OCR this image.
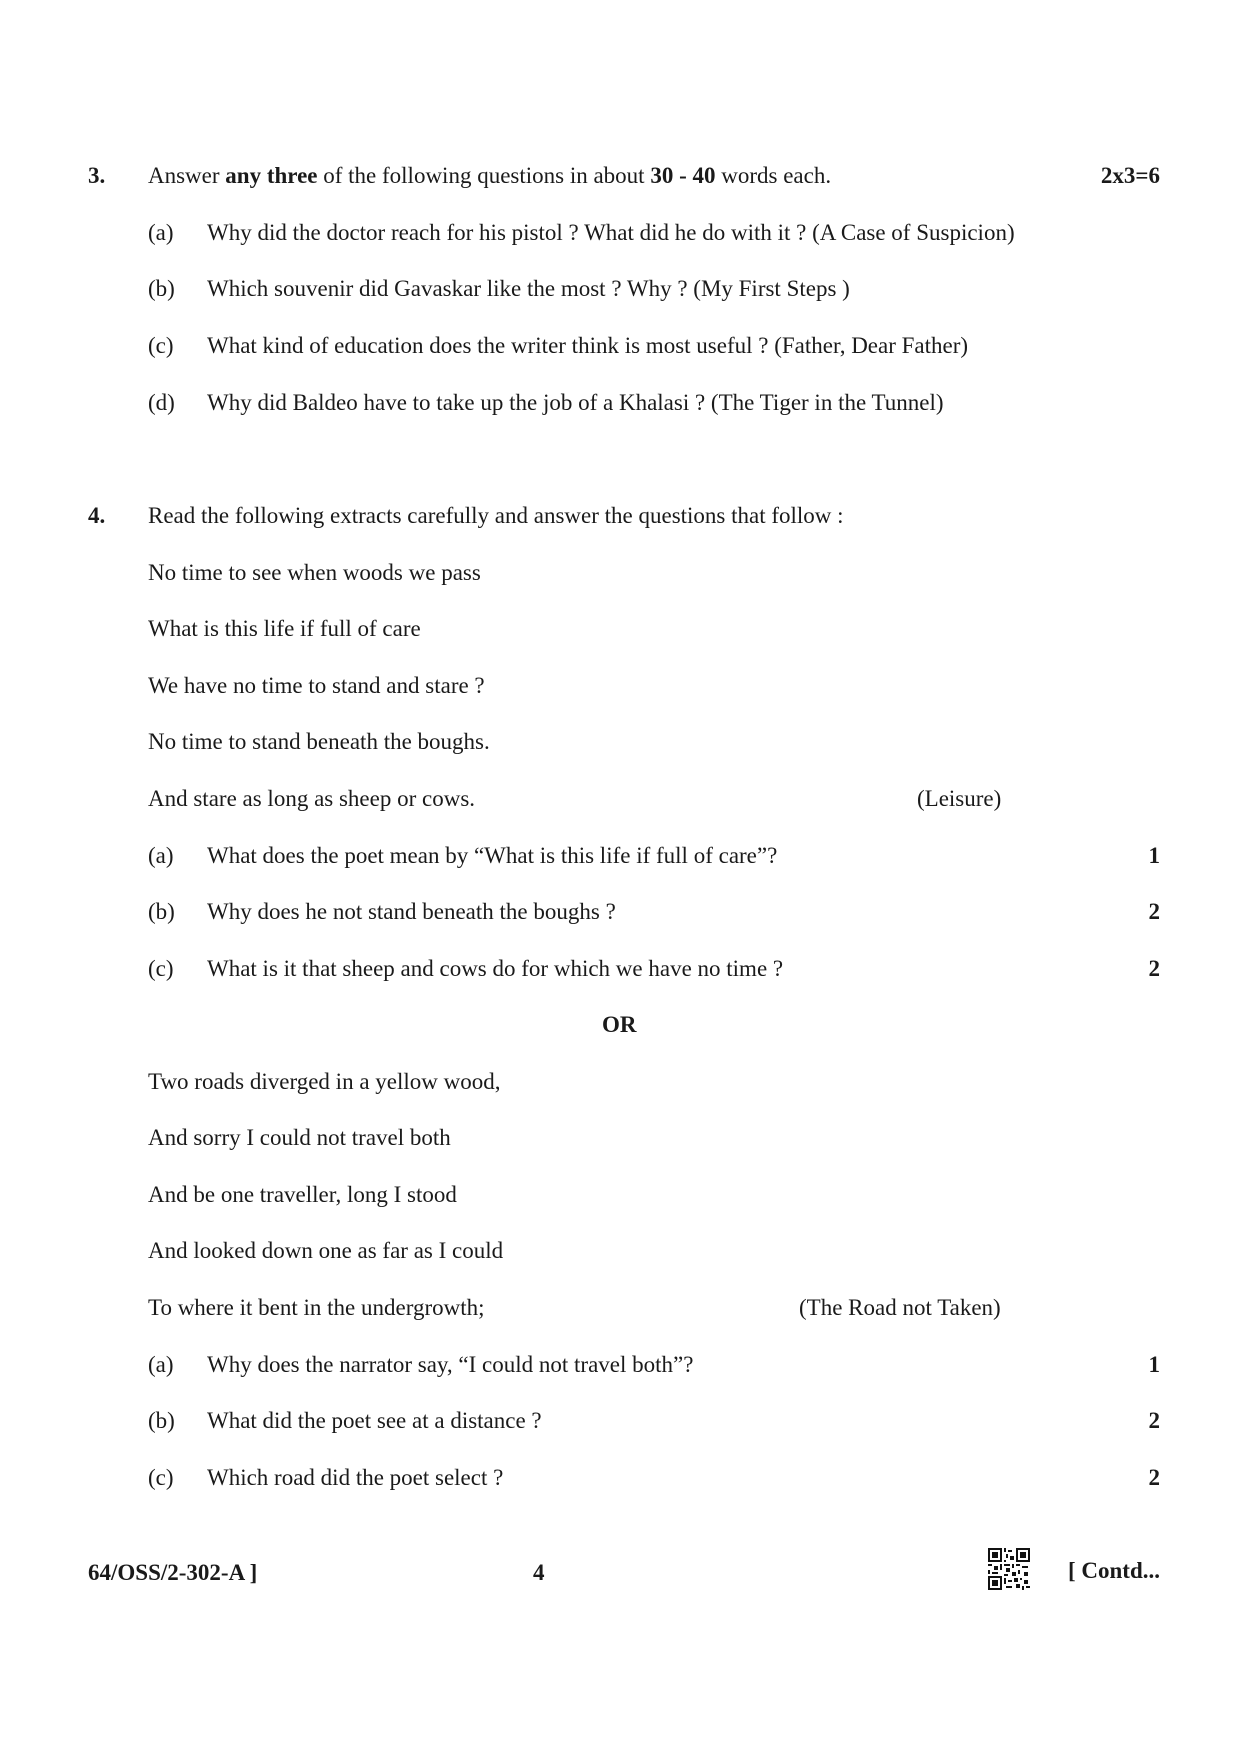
3. Answer any three of the following questions in about 30 - 40 words each.	2x3=6
(a) Why did the doctor reach for his pistol ? What did he do with it ? (A Case of Suspicion)
(b) Which souvenir did Gavaskar like the most ? Why ? (My First Steps )
(c) What kind of education does the writer think is most useful ? (Father, Dear Father)
(d) Why did Baldeo have to take up the job of a Khalasi ? (The Tiger in the Tunnel)
4. Read the following extracts carefully and answer the questions that follow :
No time to see when woods we pass
What is this life if full of care
We have no time to stand and stare ?
No time to stand beneath the boughs.
And stare as long as sheep or cows.	(Leisure)
(a) What does the poet mean by “What is this life if full of care”?	1
(b) Why does he not stand beneath the boughs ?	2
(c) What is it that sheep and cows do for which we have no time ?	2
OR
Two roads diverged in a yellow wood,
And sorry I could not travel both
And be one traveller, long I stood
And looked down one as far as I could
To where it bent in the undergrowth;	(The Road not Taken)
(a) Why does the narrator say, “I could not travel both”?	1
(b) What did the poet see at a distance ?	2
(c) Which road did the poet select ?	2
64/OSS/2-302-A ]	4	[ Contd...
